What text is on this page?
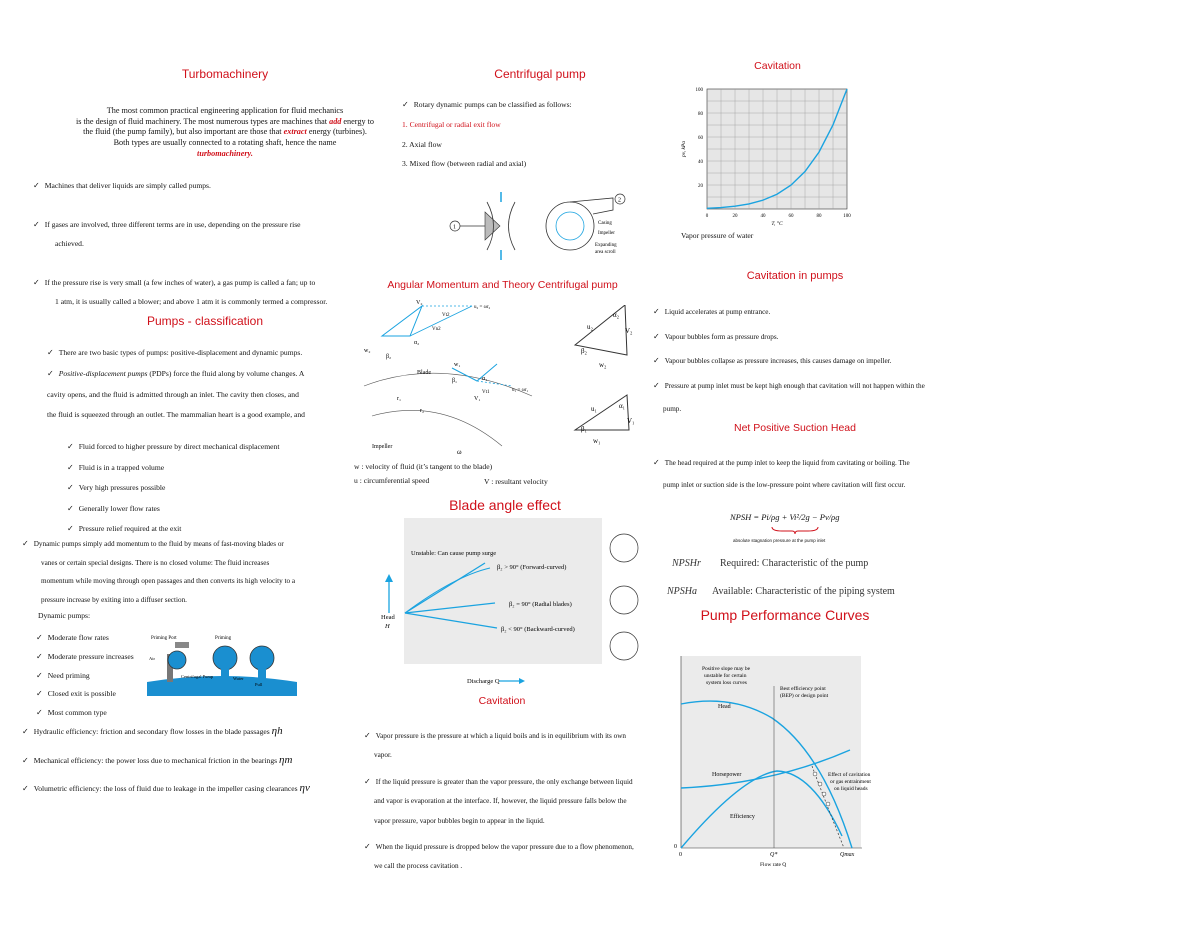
Turbomachinery
The most common practical engineering application for fluid mechanics
is the design of fluid machinery. The most numerous types are machines that add energy to
the fluid (the pump family), but also important are those that extract energy (turbines).
Both types are usually connected to a rotating shaft, hence the name
turbomachinery.
✓ Machines that deliver liquids are simply called pumps.
✓ If gases are involved, three different terms are in use, depending on the pressure rise
achieved.
✓ If the pressure rise is very small (a few inches of water), a gas pump is called a fan; up to
1 atm, it is usually called a blower; and above 1 atm it is commonly termed a compressor.
Pumps - classification
✓ There are two basic types of pumps: positive-displacement and dynamic pumps.
✓ Positive-displacement pumps (PDPs) force the fluid along by volume changes. A
cavity opens, and the fluid is admitted through an inlet. The cavity then closes, and
the fluid is squeezed through an outlet. The mammalian heart is a good example, and
✓ Fluid forced to higher pressure by direct mechanical displacement
✓ Fluid is in a trapped volume
✓ Very high pressures possible
✓ Generally lower flow rates
✓ Pressure relief required at the exit
✓ Dynamic pumps simply add momentum to the fluid by means of fast-moving blades or
vanes or certain special designs. There is no closed volume: The fluid increases
momentum while moving through open passages and then converts its high velocity to a
pressure increase by exiting into a diffuser section.
Dynamic pumps:
✓ Moderate flow rates
✓ Moderate pressure increases
✓ Need priming
✓ Closed exit is possible
✓ Most common type
Priming Port	Priming
Air
Centrifugal Pump	Water
Pull
✓ Hydraulic efficiency: friction and secondary flow losses in the blade passages ηh
✓ Mechanical efficiency: the power loss due to mechanical friction in the bearings ηm
✓ Volumetric efficiency: the loss of fluid due to leakage in the impeller casing clearances ηv
Centrifugal pump
✓ Rotary dynamic pumps can be classified as follows:
1. Centrifugal or radial exit flow
2. Axial flow
3. Mixed flow (between radial and axial)
1
2
Casing
Impeller
Expanding
area scroll
Angular Momentum and Theory Centrifugal pump
Blade
Impeller
ω
β₂
α₂
V₂
w₂
u₂ = ωr₂
Vt2
Vn2
β₁	α₁
V₁
w₁
Vt1	u₁ = ωr₁
r₁
r₂
α₂
u₂	V₂
β₂
w₂
u₁	α₁
V₁
β₁
w₁
w : velocity of fluid (it’s tangent to the blade)
u : circumferential speed	V : resultant velocity
Blade angle effect
Unstable: Can cause pump surge
β₂ > 90° (Forward-curved)
β₂ = 90° (Radial blades)
β₂ < 90° (Backward-curved)
Head
H
Discharge Q
Cavitation
✓ Vapor pressure is the pressure at which a liquid boils and is in equilibrium with its own
vapor.
✓ If the liquid pressure is greater than the vapor pressure, the only exchange between liquid
and vapor is evaporation at the interface. If, however, the liquid pressure falls below the
vapor pressure, vapor bubbles begin to appear in the liquid.
✓ When the liquid pressure is dropped below the vapor pressure due to a flow phenomenon,
we call the process cavitation .
Cavitation
0	20	40	60	80	100
20
40
60
80
100
T, °C
pv, kPa
Vapor pressure of water
Cavitation in pumps
✓ Liquid accelerates at pump entrance.
✓ Vapour bubbles form as pressure drops.
✓ Vapour bubbles collapse as pressure increases, this causes damage on impeller.
✓ Pressure at pump inlet must be kept high enough that cavitation will not happen within the
pump.
Net Positive Suction Head
✓ The head required at the pump inlet to keep the liquid from cavitating or boiling. The
pump inlet or suction side is the low-pressure point where cavitation will first occur.
NPSH = Pi/ρg + Vi²/2g − Pv/ρg
absolute stagnation pressure at the pump inlet
NPSHr Required: Characteristic of the pump
NPSHa Available: Characteristic of the piping system
Pump Performance Curves
Positive slope may be
unstable for certain
system loss curves
Best efficiency point
(BEP) or design point
Head
Horsepower
Efficiency
Effect of cavitation
or gas entrainment
on liquid heads
0
0	Q*	Qmax
Flow rate Q
